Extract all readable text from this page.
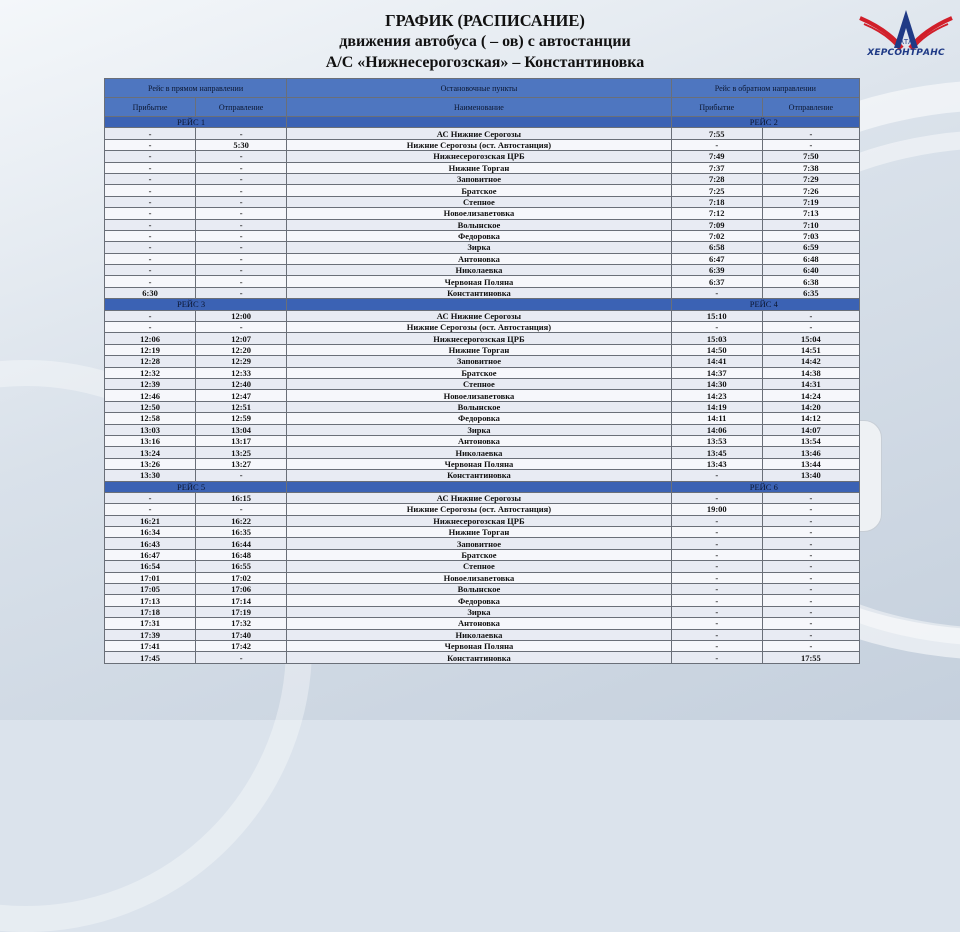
ГРАФИК (РАСПИСАНИЕ)
движения автобуса ( – ов) с автостанции
А/С «Нижнесерогозская» – Константиновка
ΛΤΛ
ХЕРСОНТРАНС
Рейс в прямом направлении		Остановочные пункты	Рейс в обратном направлении	
Прибытие	Отправление	Наименование	Прибытие	Отправление
РЕЙС 1			РЕЙС 2	
-	-	АС Нижние Серогозы	7:55	-
-	5:30	Нижние Серогозы (ост. Автостанция)	-	-
-	-	Нижнесерогозская ЦРБ	7:49	7:50
-	-	Нижние Торган	7:37	7:38
-	-	Заповитное	7:28	7:29
-	-	Братское	7:25	7:26
-	-	Степное	7:18	7:19
-	-	Новоелизаветовка	7:12	7:13
-	-	Волынское	7:09	7:10
-	-	Федоровка	7:02	7:03
-	-	Зирка	6:58	6:59
-	-	Антоновка	6:47	6:48
-	-	Николаевка	6:39	6:40
-	-	Червоная Поляна	6:37	6:38
6:30	-	Константиновка	-	6:35
РЕЙС 3			РЕЙС 4	
-	12:00	АС Нижние Серогозы	15:10	-
-	-	Нижние Серогозы (ост. Автостанция)	-	-
12:06	12:07	Нижнесерогозская ЦРБ	15:03	15:04
12:19	12:20	Нижние Торган	14:50	14:51
12:28	12:29	Заповитное	14:41	14:42
12:32	12:33	Братское	14:37	14:38
12:39	12:40	Степное	14:30	14:31
12:46	12:47	Новоелизаветовка	14:23	14:24
12:50	12:51	Волынское	14:19	14:20
12:58	12:59	Федоровка	14:11	14:12
13:03	13:04	Зирка	14:06	14:07
13:16	13:17	Антоновка	13:53	13:54
13:24	13:25	Николаевка	13:45	13:46
13:26	13:27	Червоная Поляна	13:43	13:44
13:30	-	Константиновка	-	13:40
РЕЙС 5			РЕЙС 6	
-	16:15	АС Нижние Серогозы	-	-
-	-	Нижние Серогозы (ост. Автостанция)	19:00	-
16:21	16:22	Нижнесерогозская ЦРБ	-	-
16:34	16:35	Нижние Торган	-	-
16:43	16:44	Заповитное	-	-
16:47	16:48	Братское	-	-
16:54	16:55	Степное	-	-
17:01	17:02	Новоелизаветовка	-	-
17:05	17:06	Волынское	-	-
17:13	17:14	Федоровка	-	-
17:18	17:19	Зирка	-	-
17:31	17:32	Антоновка	-	-
17:39	17:40	Николаевка	-	-
17:41	17:42	Червоная Поляна	-	-
17:45	-	Константиновка	-	17:55
